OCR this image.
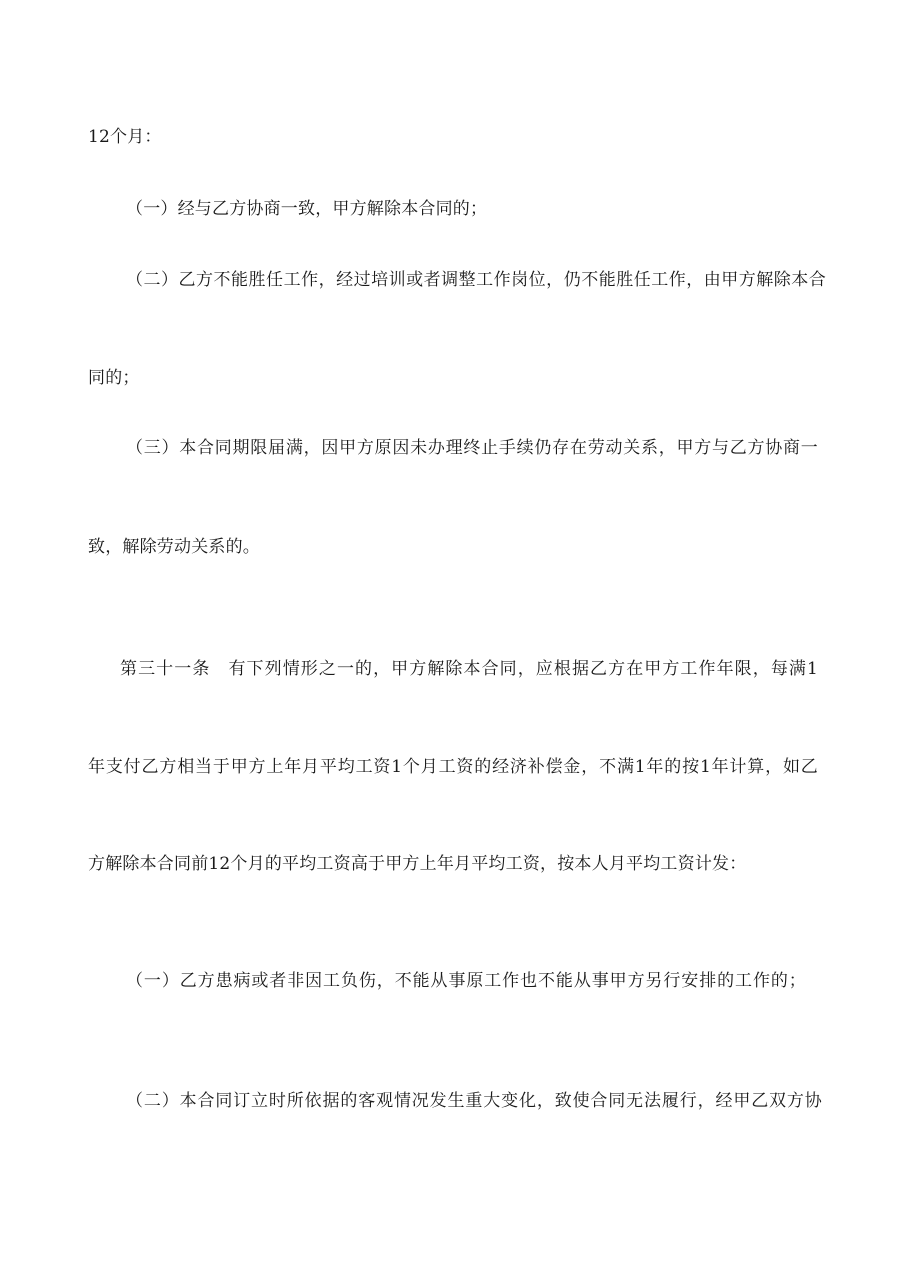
12个月：
（一）经与乙方协商一致，甲方解除本合同的；
（二）乙方不能胜任工作，经过培训或者调整工作岗位，仍不能胜任工作，由甲方解除本合
同的；
（三）本合同期限届满，因甲方原因未办理终止手续仍存在劳动关系，甲方与乙方协商一
致，解除劳动关系的。
第三十一条　有下列情形之一的，甲方解除本合同，应根据乙方在甲方工作年限，每满1
年支付乙方相当于甲方上年月平均工资1个月工资的经济补偿金，不满1年的按1年计算，如乙
方解除本合同前12个月的平均工资高于甲方上年月平均工资，按本人月平均工资计发：
（一）乙方患病或者非因工负伤，不能从事原工作也不能从事甲方另行安排的工作的；
（二）本合同订立时所依据的客观情况发生重大变化，致使合同无法履行，经甲乙双方协
